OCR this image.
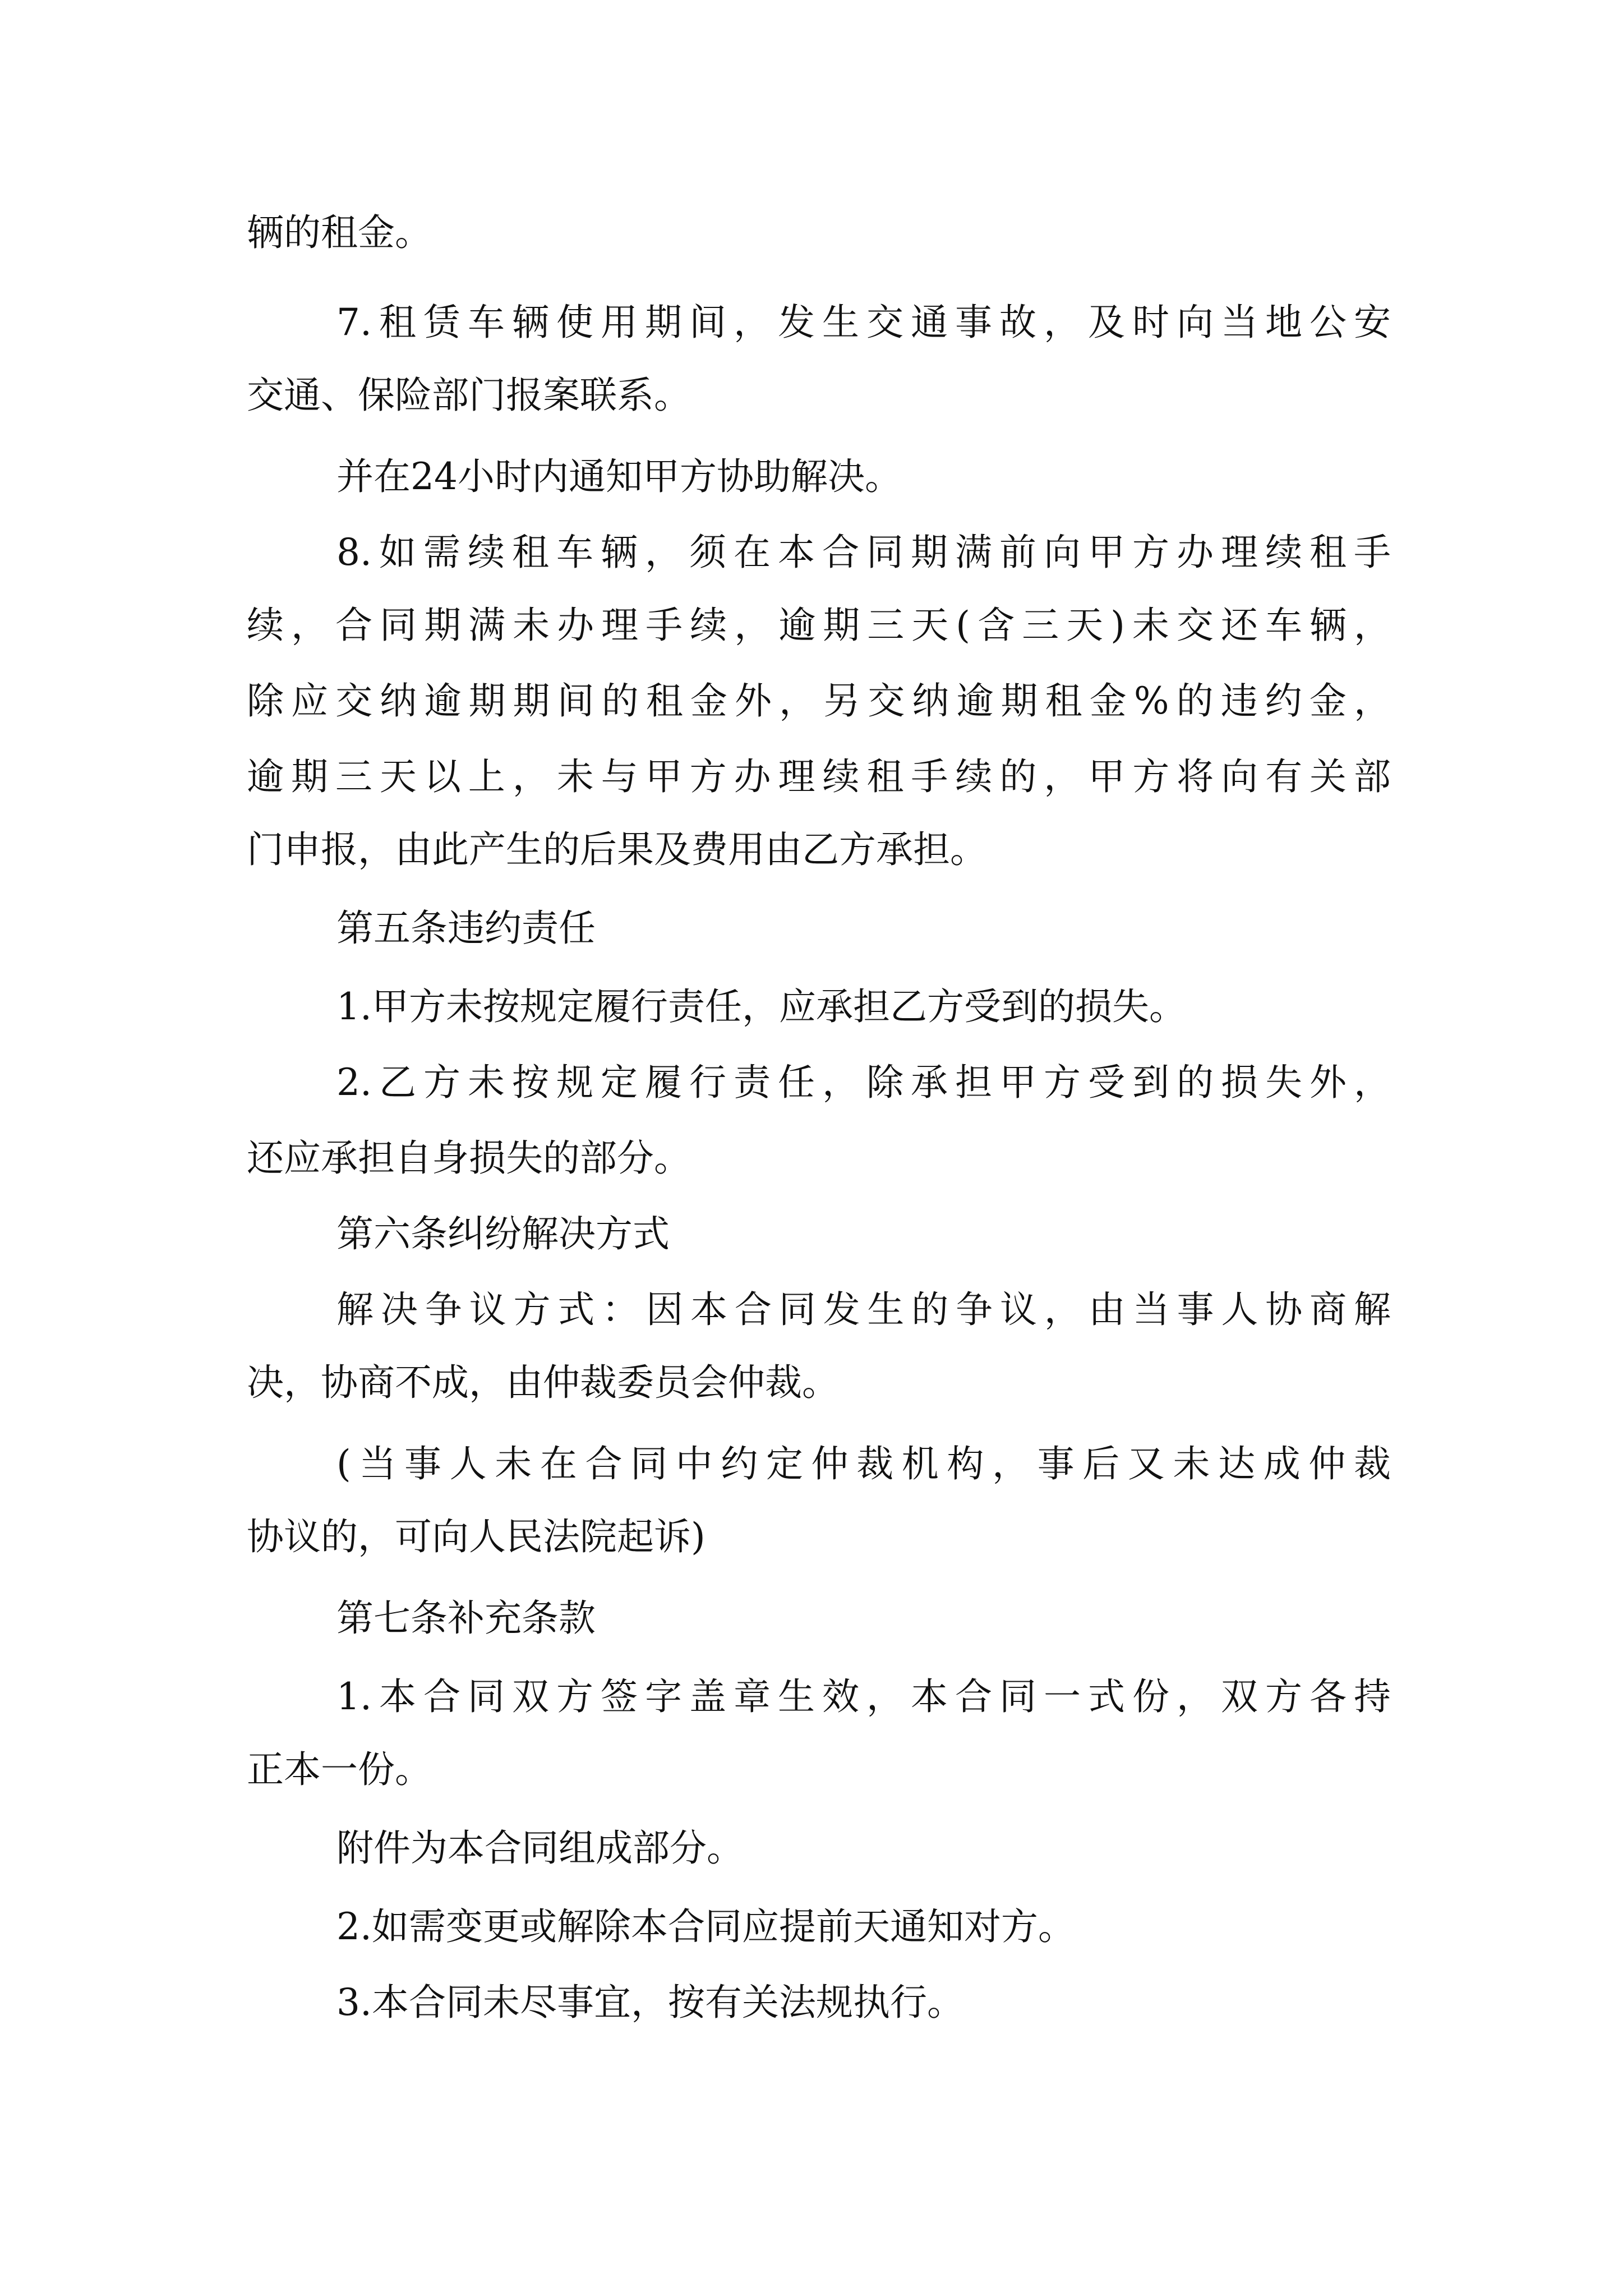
辆的租金。
7.租赁车辆使用期间，发生交通事故，及时向当地公安
交通、保险部门报案联系。
并在24小时内通知甲方协助解决。
8.如需续租车辆，须在本合同期满前向甲方办理续租手
续，合同期满未办理手续，逾期三天(含三天)未交还车辆，
除应交纳逾期期间的租金外，另交纳逾期租金%的违约金，
逾期三天以上，未与甲方办理续租手续的，甲方将向有关部
门申报，由此产生的后果及费用由乙方承担。
第五条违约责任
1.甲方未按规定履行责任，应承担乙方受到的损失。
2.乙方未按规定履行责任，除承担甲方受到的损失外，
还应承担自身损失的部分。
第六条纠纷解决方式
解决争议方式：因本合同发生的争议，由当事人协商解
决，协商不成，由仲裁委员会仲裁。
(当事人未在合同中约定仲裁机构，事后又未达成仲裁
协议的，可向人民法院起诉)
第七条补充条款
1.本合同双方签字盖章生效，本合同一式份，双方各持
正本一份。
附件为本合同组成部分。
2.如需变更或解除本合同应提前天通知对方。
3.本合同未尽事宜，按有关法规执行。
